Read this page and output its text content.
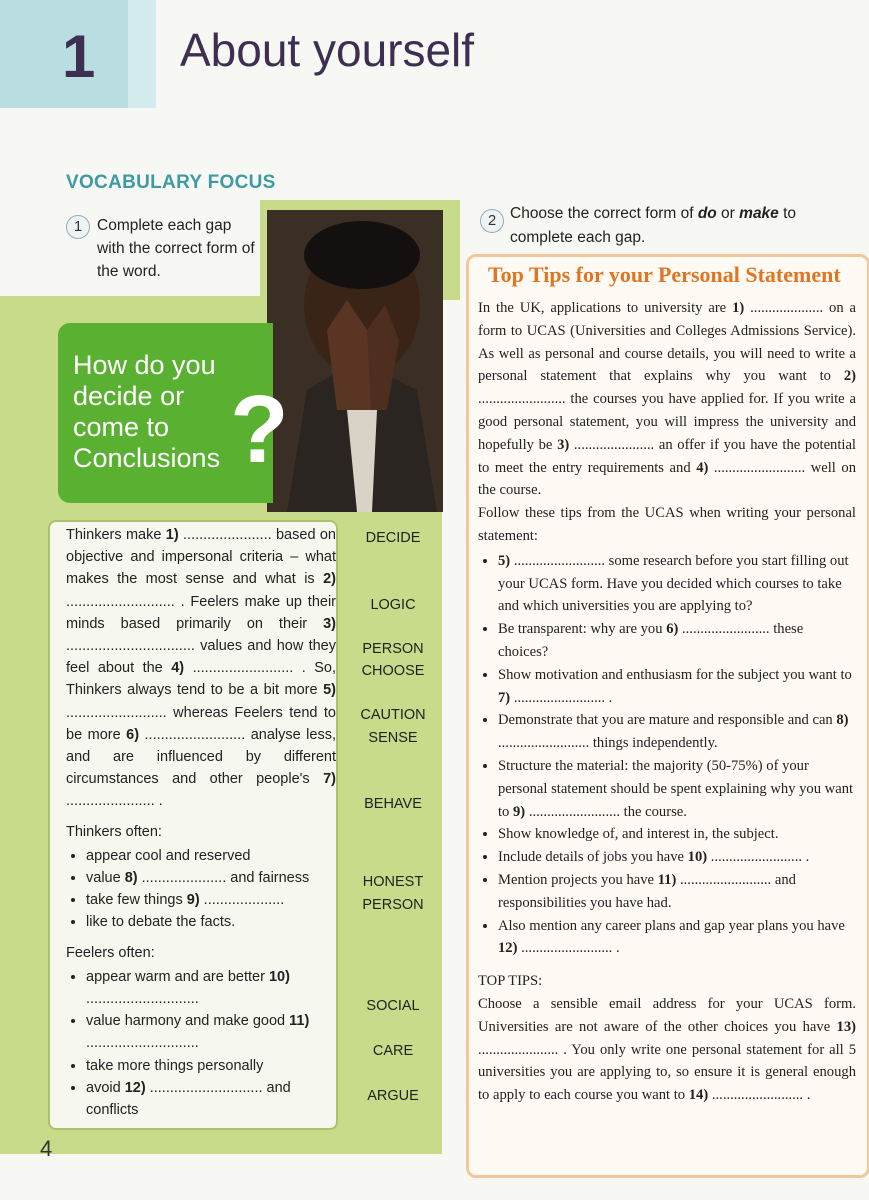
1 About yourself
VOCABULARY FOCUS
1 Complete each gap with the correct form of the word.
How do you
decide or
come to
Conclusions ?

Thinkers make 1) ...................... based on objective and impersonal criteria – what makes the most sense and what is 2) ........................... . Feelers make up their minds based primarily on their 3) ................................ values and how they feel about the 4) ......................... . So, Thinkers always tend to be a bit more 5) ......................... whereas Feelers tend to be more 6) ......................... analyse less, and are influenced by different circumstances and other people's 7) ...................... .

Thinkers often:
• appear cool and reserved
• value 8) ..................... and fairness
• take few things 9) ....................
• like to debate the facts.
Feelers often:
• appear warm and are better 10) ............................
• value harmony and make good 11) ............................
• take more things personally
• avoid 12) ............................ and conflicts
DECIDE
LOGIC
PERSON
CHOOSE
CAUTION
SENSE
BEHAVE
HONEST
PERSON
SOCIAL
CARE
ARGUE
4
2 Choose the correct form of do or make to complete each gap.
Top Tips for your Personal Statement

In the UK, applications to university are 1) .................... on a form to UCAS (Universities and Colleges Admissions Service). As well as personal and course details, you will need to write a personal statement that explains why you want to 2) ........................ the courses you have applied for. If you write a good personal statement, you will impress the university and hopefully be 3) ...................... an offer if you have the potential to meet the entry requirements and 4) ......................... well on the course.

Follow these tips from the UCAS when writing your personal statement:

• 5) ......................... some research before you start filling out your UCAS form. Have you decided which courses to take and which universities you are applying to?
• Be transparent: why are you 6) ........................ these choices?
• Show motivation and enthusiasm for the subject you want to 7) ......................... .
• Demonstrate that you are mature and responsible and can 8) ......................... things independently.
• Structure the material: the majority (50-75%) of your personal statement should be spent explaining why you want to 9) ......................... the course.
• Show knowledge of, and interest in, the subject.
• Include details of jobs you have 10) ......................... .
• Mention projects you have 11) ......................... and responsibilities you have had.
• Also mention any career plans and gap year plans you have 12) ......................... .

TOP TIPS:

Choose a sensible email address for your UCAS form. Universities are not aware of the other choices you have 13) ...................... . You only write one personal statement for all 5 universities you are applying to, so ensure it is general enough to apply to each course you want to 14) ......................... .
